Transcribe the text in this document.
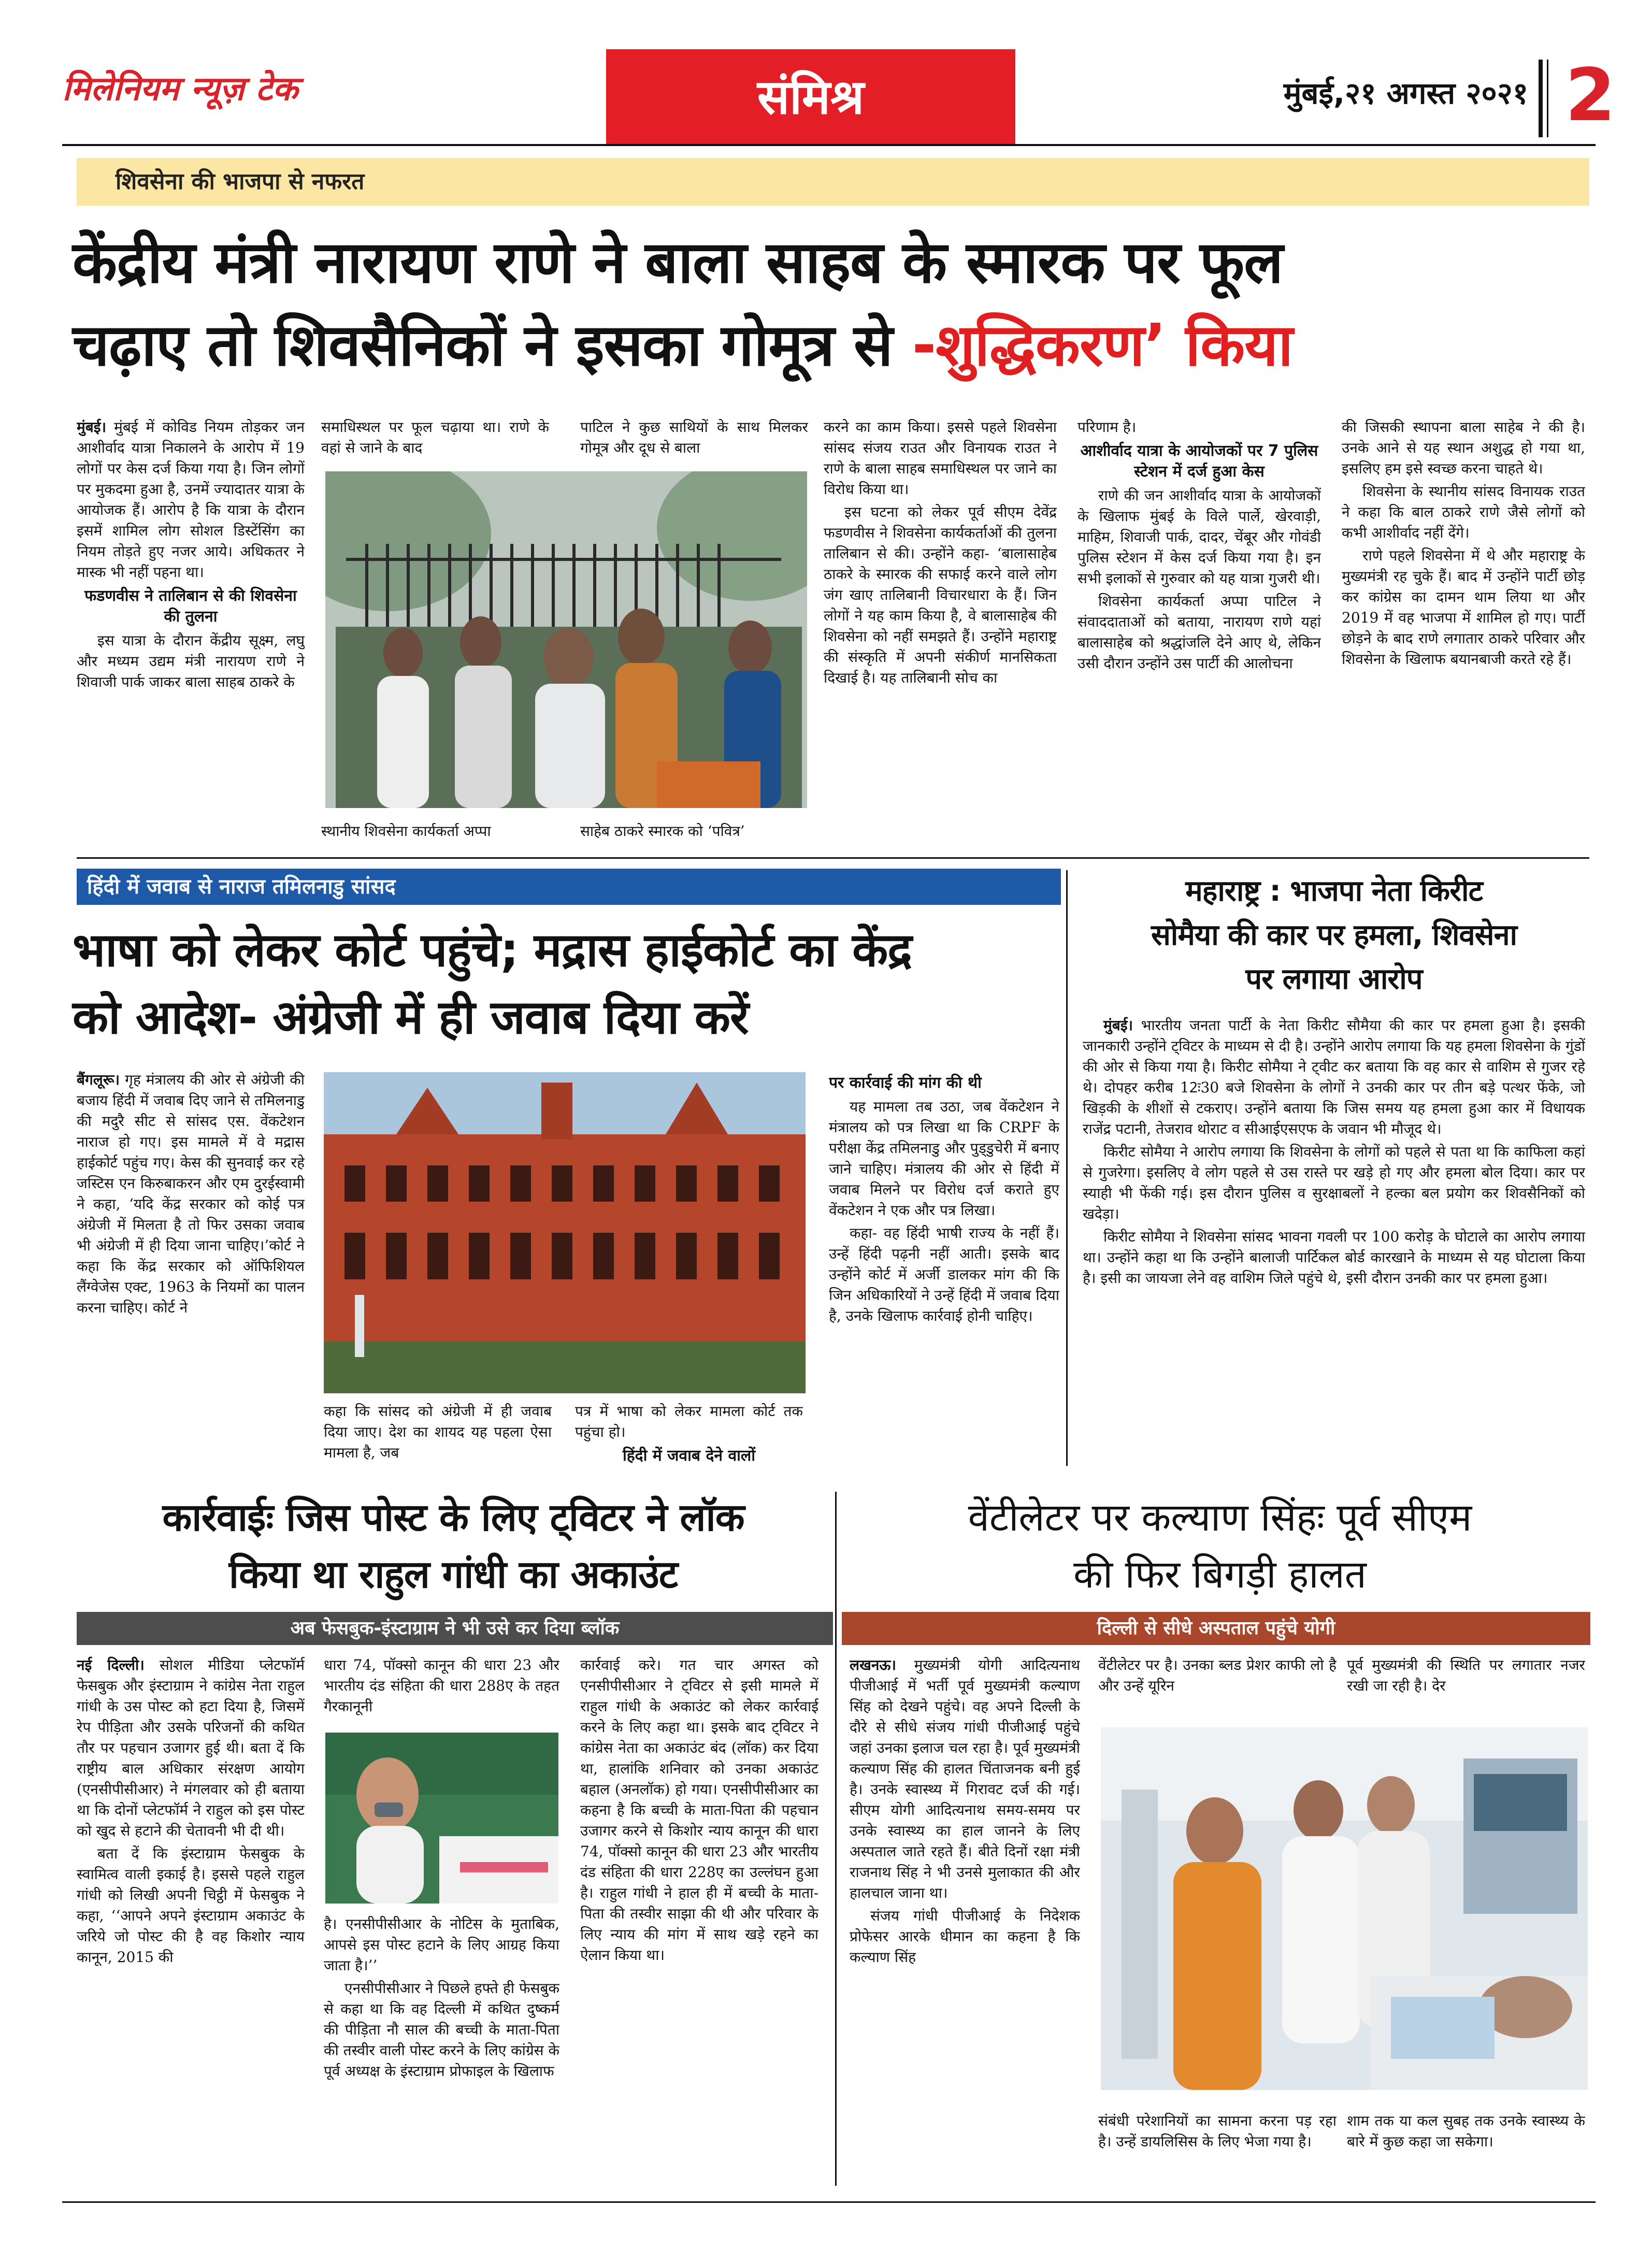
मिलेनियम न्यूज़ टेक	संमिश्र	मुंबई,२१ अगस्त २०२१ 2
शिवसेना की भाजपा से नफरत
केंद्रीय मंत्री नारायण राणे ने बाला साहब के स्मारक पर फूल
चढ़ाए तो शिवसैनिकों ने इसका गोमूत्र से -शुद्धिकरण’ किया

मुंबई। मुंबई में कोविड नियम तोड़कर जन आशीर्वाद यात्रा निकालने के आरोप में 19 लोगों पर केस दर्ज किया गया है। जिन लोगों पर मुकदमा हुआ है, उनमें ज्यादातर यात्रा के आयोजक हैं। आरोप है कि यात्रा के दौरान इसमें शामिल लोग सोशल डिस्टेंसिंग का नियम तोड़ते हुए नजर आये। अधिकतर ने मास्क भी नहीं पहना था।

फडणवीस ने तालिबान से की शिवसेना की तुलना

इस यात्रा के दौरान केंद्रीय सूक्ष्म, लघु और मध्यम उद्यम मंत्री नारायण राणे ने शिवाजी पार्क जाकर बाला साहब ठाकरे के

समाधिस्थल पर फूल चढ़ाया था। राणे के वहां से जाने के बाद

पाटिल ने कुछ साथियों के साथ मिलकर गोमूत्र और दूध से बाला

स्थानीय शिवसेना कार्यकर्ता अप्पा	साहेब ठाकरे स्मारक को ‘पवित्र’

करने का काम किया। इससे पहले शिवसेना सांसद संजय राउत और विनायक राउत ने राणे के बाला साहब समाधिस्थल पर जाने का विरोध किया था।

इस घटना को लेकर पूर्व सीएम देवेंद्र फडणवीस ने शिवसेना कार्यकर्ताओं की तुलना तालिबान से की। उन्होंने कहा- ‘बालासाहेब ठाकरे के स्मारक की सफाई करने वाले लोग जंग खाए तालिबानी विचारधारा के हैं। जिन लोगों ने यह काम किया है, वे बालासाहेब की शिवसेना को नहीं समझते हैं। उन्होंने महाराष्ट्र की संस्कृति में अपनी संकीर्ण मानसिकता दिखाई है। यह तालिबानी सोच का

परिणाम है।

आशीर्वाद यात्रा के आयोजकों पर 7 पुलिस स्टेशन में दर्ज हुआ केस

राणे की जन आशीर्वाद यात्रा के आयोजकों के खिलाफ मुंबई के विले पार्ले, खेरवाड़ी, माहिम, शिवाजी पार्क, दादर, चेंबूर और गोवंडी पुलिस स्टेशन में केस दर्ज किया गया है। इन सभी इलाकों से गुरुवार को यह यात्रा गुजरी थी।

शिवसेना कार्यकर्ता अप्पा पाटिल ने संवाददाताओं को बताया, नारायण राणे यहां बालासाहेब को श्रद्धांजलि देने आए थे, लेकिन उसी दौरान उन्होंने उस पार्टी की आलोचना

की जिसकी स्थापना बाला साहेब ने की है। उनके आने से यह स्थान अशुद्ध हो गया था, इसलिए हम इसे स्वच्छ करना चाहते थे।

शिवसेना के स्थानीय सांसद विनायक राउत ने कहा कि बाल ठाकरे राणे जैसे लोगों को कभी आशीर्वाद नहीं देंगे।

राणे पहले शिवसेना में थे और महाराष्ट्र के मुख्यमंत्री रह चुके हैं। बाद में उन्होंने पार्टी छोड़ कर कांग्रेस का दामन थाम लिया था और 2019 में वह भाजपा में शामिल हो गए। पार्टी छोड़ने के बाद राणे लगातार ठाकरे परिवार और शिवसेना के खिलाफ बयानबाजी करते रहे हैं।

हिंदी में जवाब से नाराज तमिलनाडु सांसद
भाषा को लेकर कोर्ट पहुंचे; मद्रास हाईकोर्ट का केंद्र
को आदेश- अंग्रेजी में ही जवाब दिया करें

बैंगलूरू। गृह मंत्रालय की ओर से अंग्रेजी की बजाय हिंदी में जवाब दिए जाने से तमिलनाडु की मदुरै सीट से सांसद एस. वेंकटेशन नाराज हो गए। इस मामले में वे मद्रास हाईकोर्ट पहुंच गए। केस की सुनवाई कर रहे जस्टिस एन किरुबाकरन और एम दुरईस्वामी ने कहा, ‘यदि केंद्र सरकार को कोई पत्र अंग्रेजी में मिलता है तो फिर उसका जवाब भी अंग्रेजी में ही दिया जाना चाहिए।’कोर्ट ने कहा कि केंद्र सरकार को ऑफिशियल लैंग्वेजेस एक्ट, 1963 के नियमों का पालन करना चाहिए। कोर्ट ने

कहा कि सांसद को अंग्रेजी में ही जवाब दिया जाए। देश का शायद यह पहला ऐसा मामला है, जब

पत्र में भाषा को लेकर मामला कोर्ट तक पहुंचा हो।

हिंदी में जवाब देने वालों
पर कार्रवाई की मांग की थी

यह मामला तब उठा, जब वेंकटेशन ने मंत्रालय को पत्र लिखा था कि CRPF के परीक्षा केंद्र तमिलनाडु और पुड्‌डुचेरी में बनाए जाने चाहिए। मंत्रालय की ओर से हिंदी में जवाब मिलने पर विरोध दर्ज कराते हुए वेंकटेशन ने एक और पत्र लिखा।

कहा- वह हिंदी भाषी राज्य के नहीं हैं। उन्हें हिंदी पढ़नी नहीं आती। इसके बाद उन्होंने कोर्ट में अर्जी डालकर मांग की कि जिन अधिकारियों ने उन्हें हिंदी में जवाब दिया है, उनके खिलाफ कार्रवाई होनी चाहिए।

महाराष्ट्र : भाजपा नेता किरीट
सोमैया की कार पर हमला, शिवसेना
पर लगाया आरोप

मुंबई। भारतीय जनता पार्टी के नेता किरीट सौमैया की कार पर हमला हुआ है। इसकी जानकारी उन्होंने ट्विटर के माध्यम से दी है। उन्होंने आरोप लगाया कि यह हमला शिवसेना के गुंडों की ओर से किया गया है। किरीट सोमैया ने ट्वीट कर बताया कि वह कार से वाशिम से गुजर रहे थे। दोपहर करीब 12ः30 बजे शिवसेना के लोगों ने उनकी कार पर तीन बड़े पत्थर फेंके, जो खिड़की के शीशों से टकराए। उन्होंने बताया कि जिस समय यह हमला हुआ कार में विधायक राजेंद्र पटानी, तेजराव थोराट व सीआईएसएफ के जवान भी मौजूद थे।

किरीट सोमैया ने आरोप लगाया कि शिवसेना के लोगों को पहले से पता था कि काफिला कहां से गुजरेगा। इसलिए वे लोग पहले से उस रास्ते पर खड़े हो गए और हमला बोल दिया। कार पर स्याही भी फेंकी गई। इस दौरान पुलिस व सुरक्षाबलों ने हल्का बल प्रयोग कर शिवसैनिकों को खदेड़ा।

किरीट सोमैया ने शिवसेना सांसद भावना गवली पर 100 करोड़ के घोटाले का आरोप लगाया था। उन्होंने कहा था कि उन्होंने बालाजी पार्टिकल बोर्ड कारखाने के माध्यम से यह घोटाला किया है। इसी का जायजा लेने वह वाशिम जिले पहुंचे थे, इसी दौरान उनकी कार पर हमला हुआ।

कार्रवाईः जिस पोस्ट के लिए ट्विटर ने लॉक
किया था राहुल गांधी का अकाउंट
अब फेसबुक-इंस्टाग्राम ने भी उसे कर दिया ब्लॉक

नई दिल्ली। सोशल मीडिया प्लेटफॉर्म फेसबुक और इंस्टाग्राम ने कांग्रेस नेता राहुल गांधी के उस पोस्ट को हटा दिया है, जिसमें रेप पीड़िता और उसके परिजनों की कथित तौर पर पहचान उजागर हुई थी। बता दें कि राष्ट्रीय बाल अधिकार संरक्षण आयोग (एनसीपीसीआर) ने मंगलवार को ही बताया था कि दोनों प्लेटफॉर्म ने राहुल को इस पोस्ट को खुद से हटाने की चेतावनी भी दी थी।

बता दें कि इंस्टाग्राम फेसबुक के स्वामित्व वाली इकाई है। इससे पहले राहुल गांधी को लिखी अपनी चिट्ठी में फेसबुक ने कहा, ‘‘आपने अपने इंस्टाग्राम अकाउंट के जरिये जो पोस्ट की है वह किशोर न्याय कानून, 2015 की

धारा 74, पॉक्सो कानून की धारा 23 और भारतीय दंड संहिता की धारा 288ए के तहत गैरकानूनी

है। एनसीपीसीआर के नोटिस के मुताबिक, आपसे इस पोस्ट हटाने के लिए आग्रह किया जाता है।’’

एनसीपीसीआर ने पिछले हफ्ते ही फेसबुक से कहा था कि वह दिल्ली में कथित दुष्कर्म की पीड़िता नौ साल की बच्ची के माता-पिता की तस्वीर वाली पोस्ट करने के लिए कांग्रेस के पूर्व अध्यक्ष के इंस्टाग्राम प्रोफाइल के खिलाफ

कार्रवाई करे। गत चार अगस्त को एनसीपीसीआर ने ट्विटर से इसी मामले में राहुल गांधी के अकाउंट को लेकर कार्रवाई करने के लिए कहा था। इसके बाद ट्विटर ने कांग्रेस नेता का अकाउंट बंद (लॉक) कर दिया था, हालांकि शनिवार को उनका अकाउंट बहाल (अनलॉक) हो गया। एनसीपीसीआर का कहना है कि बच्ची के माता-पिता की पहचान उजागर करने से किशोर न्याय कानून की धारा 74, पॉक्सो कानून की धारा 23 और भारतीय दंड संहिता की धारा 228ए का उल्लंघन हुआ है। राहुल गांधी ने हाल ही में बच्ची के माता-पिता की तस्वीर साझा की थी और परिवार के लिए न्याय की मांग में साथ खड़े रहने का ऐलान किया था।

वेंटीलेटर पर कल्याण सिंहः पूर्व सीएम
की फिर बिगड़ी हालत
दिल्ली से सीधे अस्पताल पहुंचे योगी

लखनऊ। मुख्यमंत्री योगी आदित्यनाथ पीजीआई में भर्ती पूर्व मुख्यमंत्री कल्याण सिंह को देखने पहुंचे। वह अपने दिल्ली के दौरे से सीधे संजय गांधी पीजीआई पहुंचे जहां उनका इलाज चल रहा है। पूर्व मुख्यमंत्री कल्याण सिंह की हालत चिंताजनक बनी हुई है। उनके स्वास्थ्य में गिरावट दर्ज की गई। सीएम योगी आदित्यनाथ समय-समय पर उनके स्वास्थ्य का हाल जानने के लिए अस्पताल जाते रहते हैं। बीते दिनों रक्षा मंत्री राजनाथ सिंह ने भी उनसे मुलाकात की और हालचाल जाना था।

संजय गांधी पीजीआई के निदेशक प्रोफेसर आरके धीमान का कहना है कि कल्याण सिंह

वेंटीलेटर पर है। उनका ब्लड प्रेशर काफी लो है और उन्हें यूरिन

पूर्व मुख्यमंत्री की स्थिति पर लगातार नजर रखी जा रही है। देर

संबंधी परेशानियों का सामना करना पड़ रहा है। उन्हें डायलिसिस के लिए भेजा गया है।

शाम तक या कल सुबह तक उनके स्वास्थ्य के बारे में कुछ कहा जा सकेगा।
